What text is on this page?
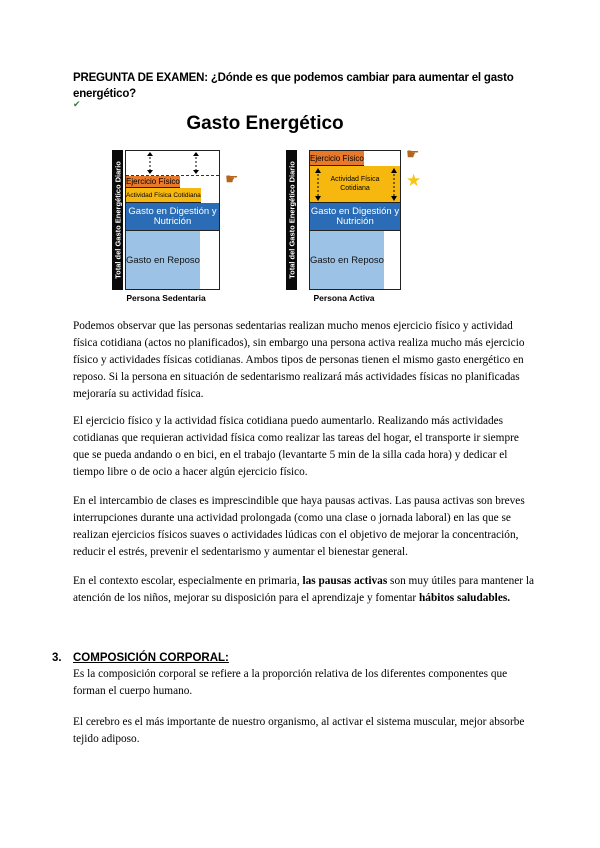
PREGUNTA DE EXAMEN: ¿Dónde es que podemos cambiar para aumentar el gasto energético?
✔
Gasto Energético
Total del Gasto Energético Diario Ejercicio Físico
Actividad Física Cotidiana
Gasto en Digestión y Nutrición
Gasto en Reposo
☛
Persona Sedentaria
Total del Gasto Energético Diario
Ejercicio Físico
Actividad Física Cotidiana
Gasto en Digestión y Nutrición
Gasto en Reposo
☛
★
Persona Activa
Podemos observar que las personas sedentarias realizan mucho menos ejercicio físico y actividad física cotidiana (actos no planificados), sin embargo una persona activa realiza mucho más ejercicio físico y actividades físicas cotidianas. Ambos tipos de personas tienen el mismo gasto energético en reposo. Si la persona en situación de sedentarismo realizará más actividades físicas no planificadas mejoraría su actividad física.
El ejercicio físico y la actividad física cotidiana puedo aumentarlo. Realizando más actividades cotidianas que requieran actividad física como realizar las tareas del hogar, el transporte ir siempre que se pueda andando o en bici, en el trabajo (levantarte 5 min de la silla cada hora) y dedicar el tiempo libre o de ocio a hacer algún ejercicio físico.
En el intercambio de clases es imprescindible que haya pausas activas. Las pausa activas son breves interrupciones durante una actividad prolongada (como una clase o jornada laboral) en las que se realizan ejercicios físicos suaves o actividades lúdicas con el objetivo de mejorar la concentración, reducir el estrés, prevenir el sedentarismo y aumentar el bienestar general.
En el contexto escolar, especialmente en primaria, las pausas activas son muy útiles para mantener la atención de los niños, mejorar su disposición para el aprendizaje y fomentar hábitos saludables.
3. COMPOSICIÓN CORPORAL:
Es la composición corporal se refiere a la proporción relativa de los diferentes componentes que forman el cuerpo humano.
El cerebro es el más importante de nuestro organismo, al activar el sistema muscular, mejor absorbe tejido adiposo.
